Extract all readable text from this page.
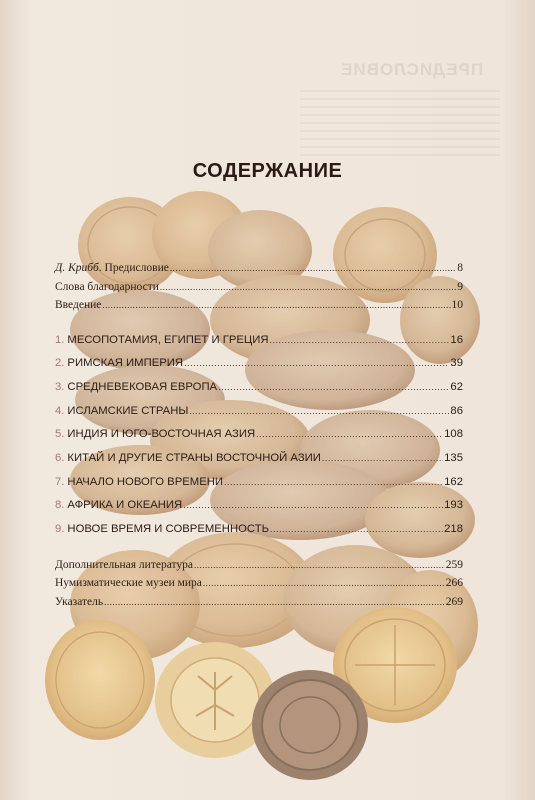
ПРЕДИСЛОВИЕ
СОДЕРЖАНИЕ
Д. Крибб. Предисловие .....	8
Слова благодарности .....	9
Введение .....	10
1. МЕСОПОТАМИЯ, ЕГИПЕТ И ГРЕЦИЯ .....	16
2. РИМСКАЯ ИМПЕРИЯ .....	39
3. СРЕДНЕВЕКОВАЯ ЕВРОПА .....	62
4. ИСЛАМСКИЕ СТРАНЫ .....	86
5. ИНДИЯ И ЮГО-ВОСТОЧНАЯ АЗИЯ .....	108
6. КИТАЙ И ДРУГИЕ СТРАНЫ ВОСТОЧНОЙ АЗИИ .....	135
7. НАЧАЛО НОВОГО ВРЕМЕНИ .....	162
8. АФРИКА И ОКЕАНИЯ .....	193
9. НОВОЕ ВРЕМЯ И СОВРЕМЕННОСТЬ .....	218
Дополнительная литература .....	259
Нумизматические музеи мира .....	266
Указатель .....	269
